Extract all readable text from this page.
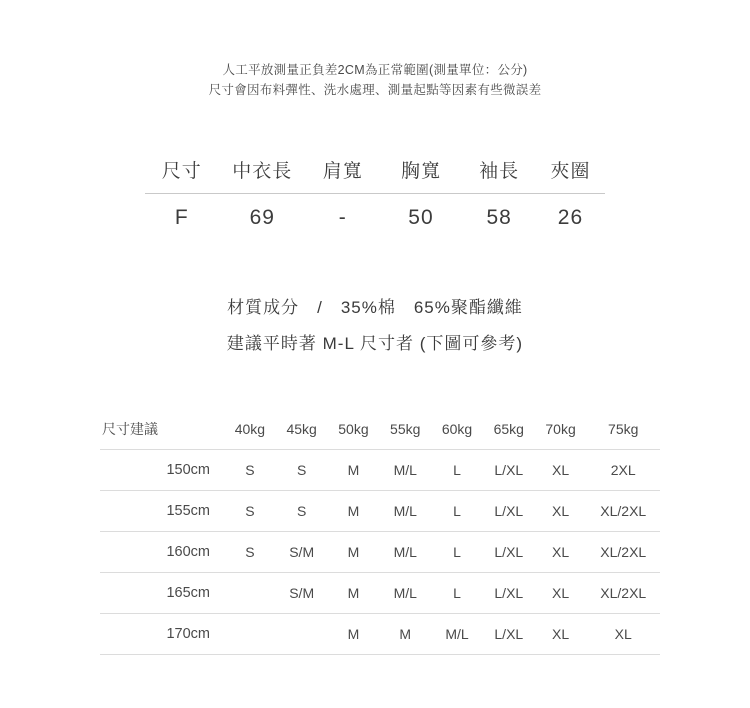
人工平放測量正負差2CM為正常範圍(測量單位：公分)
尺寸會因布料彈性、洗水處理、測量起點等因素有些微誤差
尺寸	中衣長	肩寬	胸寬	袖長	夾圈
F	69	-	50	58	26
材質成分　/　35%棉　65%聚酯纖維
建議平時著 M-L 尺寸者 (下圖可參考)
尺寸建議	40kg	45kg	50kg	55kg	60kg	65kg	70kg	75kg
150cm	S	S	M	M/L	L	L/XL	XL	2XL
155cm	S	S	M	M/L	L	L/XL	XL	XL/2XL
160cm	S	S/M	M	M/L	L	L/XL	XL	XL/2XL
165cm		S/M	M	M/L	L	L/XL	XL	XL/2XL
170cm			M	M	M/L	L/XL	XL	XL
